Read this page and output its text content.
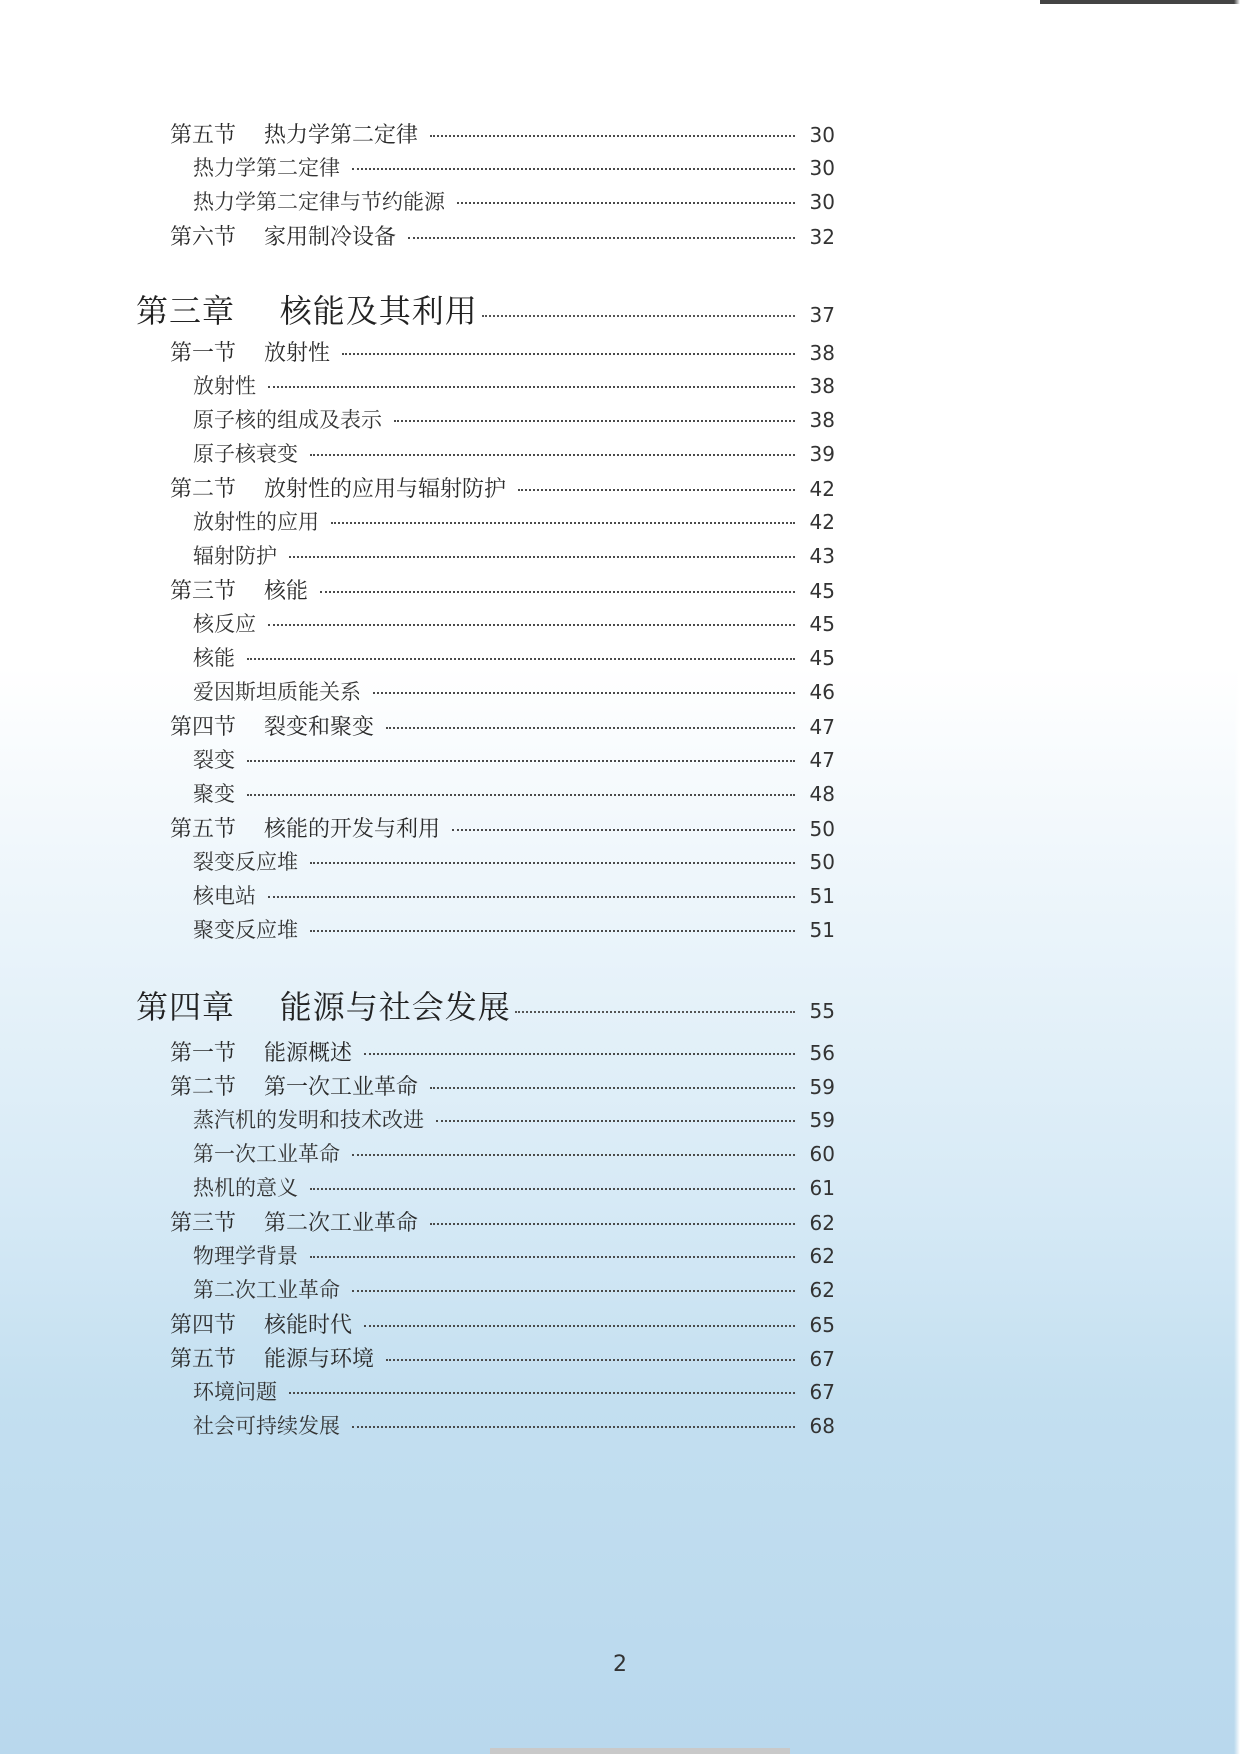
第五节    热力学第二定律	30
热力学第二定律	30
热力学第二定律与节约能源	30
第六节    家用制冷设备	32
第三章    核能及其利用	37
第一节    放射性	38
放射性	38
原子核的组成及表示	38
原子核衰变	39
第二节    放射性的应用与辐射防护	42
放射性的应用	42
辐射防护	43
第三节    核能	45
核反应	45
核能	45
爱因斯坦质能关系	46
第四节    裂变和聚变	47
裂变	47
聚变	48
第五节    核能的开发与利用	50
裂变反应堆	50
核电站	51
聚变反应堆	51
第四章    能源与社会发展	55
第一节    能源概述	56
第二节    第一次工业革命	59
蒸汽机的发明和技术改进	59
第一次工业革命	60
热机的意义	61
第三节    第二次工业革命	62
物理学背景	62
第二次工业革命	62
第四节    核能时代	65
第五节    能源与环境	67
环境问题	67
社会可持续发展	68
2
